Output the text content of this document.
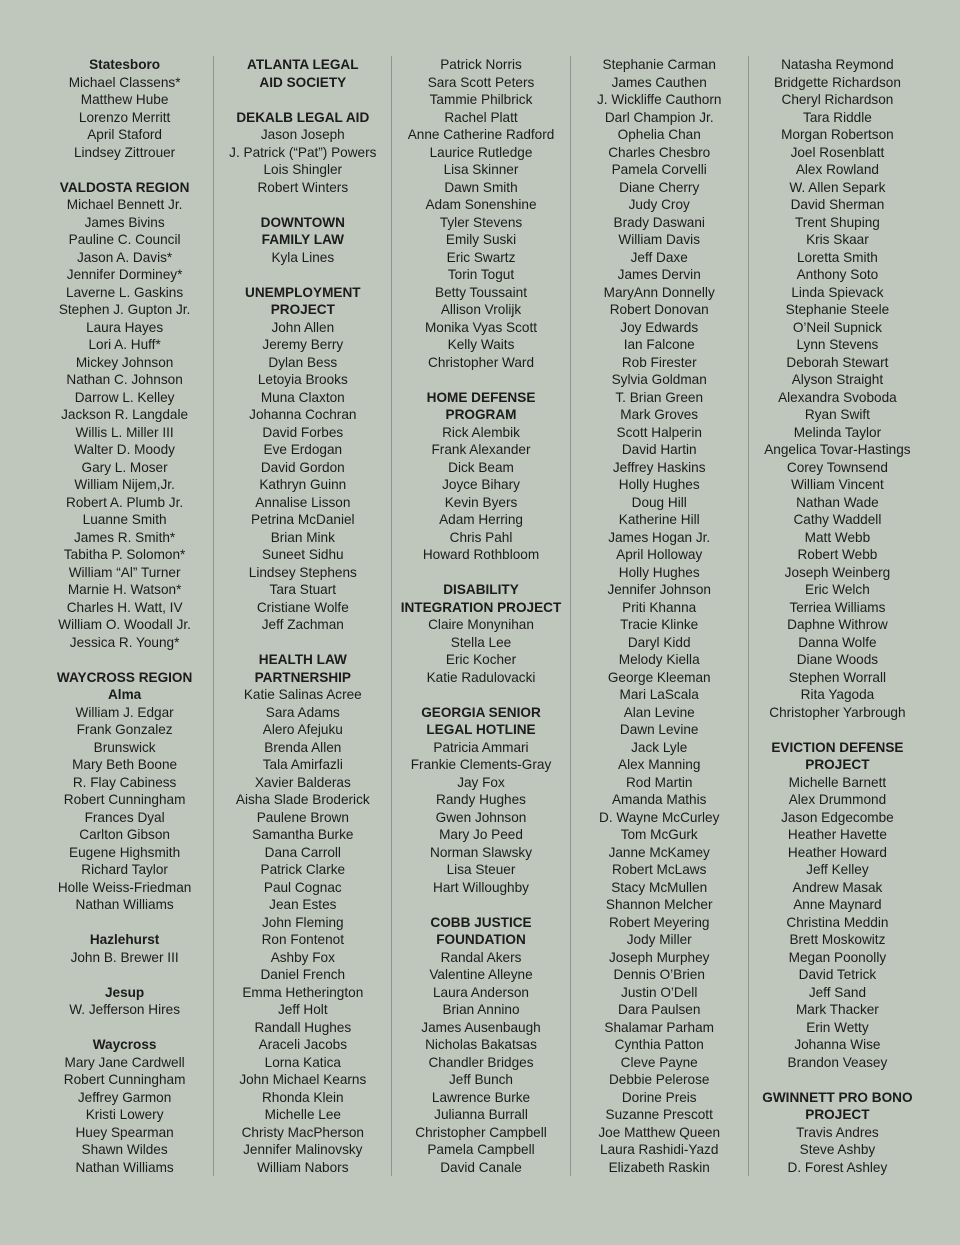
Statesboro
Michael Classens*
Matthew Hube
Lorenzo Merritt
April Staford
Lindsey Zittrouer
VALDOSTA REGION
Michael Bennett Jr.
James Bivins
Pauline C. Council
Jason A. Davis*
Jennifer Dorminey*
Laverne L. Gaskins
Stephen J. Gupton Jr.
Laura Hayes
Lori A. Huff*
Mickey Johnson
Nathan C. Johnson
Darrow L. Kelley
Jackson R. Langdale
Willis L. Miller III
Walter D. Moody
Gary L. Moser
William Nijem,Jr.
Robert A. Plumb Jr.
Luanne Smith
James R. Smith*
Tabitha P. Solomon*
William “Al” Turner
Marnie H. Watson*
Charles H. Watt, IV
William O. Woodall Jr.
Jessica R. Young*
WAYCROSS REGION
Alma
William J. Edgar
Frank Gonzalez
Brunswick
Mary Beth Boone
R. Flay Cabiness
Robert Cunningham
Frances Dyal
Carlton Gibson
Eugene Highsmith
Richard Taylor
Holle Weiss-Friedman
Nathan Williams
Hazlehurst
John B. Brewer III
Jesup
W. Jefferson Hires
Waycross
Mary Jane Cardwell
Robert Cunningham
Jeffrey Garmon
Kristi Lowery
Huey Spearman
Shawn Wildes
Nathan Williams
ATLANTA LEGAL
AID SOCIETY
DEKALB LEGAL AID
Jason Joseph
J. Patrick (“Pat”) Powers
Lois Shingler
Robert Winters
DOWNTOWN
FAMILY LAW
Kyla Lines
UNEMPLOYMENT
PROJECT
John Allen
Jeremy Berry
Dylan Bess
Letoyia Brooks
Muna Claxton
Johanna Cochran
David Forbes
Eve Erdogan
David Gordon
Kathryn Guinn
Annalise Lisson
Petrina McDaniel
Brian Mink
Suneet Sidhu
Lindsey Stephens
Tara Stuart
Cristiane Wolfe
Jeff Zachman
HEALTH LAW
PARTNERSHIP
Katie Salinas Acree
Sara Adams
Alero Afejuku
Brenda Allen
Tala Amirfazli
Xavier Balderas
Aisha Slade Broderick
Paulene Brown
Samantha Burke
Dana Carroll
Patrick Clarke
Paul Cognac
Jean Estes
John Fleming
Ron Fontenot
Ashby Fox
Daniel French
Emma Hetherington
Jeff Holt
Randall Hughes
Araceli Jacobs
Lorna Katica
John Michael Kearns
Rhonda Klein
Michelle Lee
Christy MacPherson
Jennifer Malinovsky
William Nabors
Patrick Norris
Sara Scott Peters
Tammie Philbrick
Rachel Platt
Anne Catherine Radford
Laurice Rutledge
Lisa Skinner
Dawn Smith
Adam Sonenshine
Tyler Stevens
Emily Suski
Eric Swartz
Torin Togut
Betty Toussaint
Allison Vrolijk
Monika Vyas Scott
Kelly Waits
Christopher Ward
HOME DEFENSE
PROGRAM
Rick Alembik
Frank Alexander
Dick Beam
Joyce Bihary
Kevin Byers
Adam Herring
Chris Pahl
Howard Rothbloom
DISABILITY
INTEGRATION PROJECT
Claire Monynihan
Stella Lee
Eric Kocher
Katie Radulovacki
GEORGIA SENIOR
LEGAL HOTLINE
Patricia Ammari
Frankie Clements-Gray
Jay Fox
Randy Hughes
Gwen Johnson
Mary Jo Peed
Norman Slawsky
Lisa Steuer
Hart Willoughby
COBB JUSTICE
FOUNDATION
Randal Akers
Valentine Alleyne
Laura Anderson
Brian Annino
James Ausenbaugh
Nicholas Bakatsas
Chandler Bridges
Jeff Bunch
Lawrence Burke
Julianna Burrall
Christopher Campbell
Pamela Campbell
David Canale
Stephanie Carman
James Cauthen
J. Wickliffe Cauthorn
Darl Champion Jr.
Ophelia Chan
Charles Chesbro
Pamela Corvelli
Diane Cherry
Judy Croy
Brady Daswani
William Davis
Jeff Daxe
James Dervin
MaryAnn Donnelly
Robert Donovan
Joy Edwards
Ian Falcone
Rob Firester
Sylvia Goldman
T. Brian Green
Mark Groves
Scott Halperin
David Hartin
Jeffrey Haskins
Holly Hughes
Doug Hill
Katherine Hill
James Hogan Jr.
April Holloway
Holly Hughes
Jennifer Johnson
Priti Khanna
Tracie Klinke
Daryl Kidd
Melody Kiella
George Kleeman
Mari LaScala
Alan Levine
Dawn Levine
Jack Lyle
Alex Manning
Rod Martin
Amanda Mathis
D. Wayne McCurley
Tom McGurk
Janne McKamey
Robert McLaws
Stacy McMullen
Shannon Melcher
Robert Meyering
Jody Miller
Joseph Murphey
Dennis O’Brien
Justin O’Dell
Dara Paulsen
Shalamar Parham
Cynthia Patton
Cleve Payne
Debbie Pelerose
Dorine Preis
Suzanne Prescott
Joe Matthew Queen
Laura Rashidi-Yazd
Elizabeth Raskin
Natasha Reymond
Bridgette Richardson
Cheryl Richardson
Tara Riddle
Morgan Robertson
Joel Rosenblatt
Alex Rowland
W. Allen Separk
David Sherman
Trent Shuping
Kris Skaar
Loretta Smith
Anthony Soto
Linda Spievack
Stephanie Steele
O’Neil Supnick
Lynn Stevens
Deborah Stewart
Alyson Straight
Alexandra Svoboda
Ryan Swift
Melinda Taylor
Angelica Tovar-Hastings
Corey Townsend
William Vincent
Nathan Wade
Cathy Waddell
Matt Webb
Robert Webb
Joseph Weinberg
Eric Welch
Terriea Williams
Daphne Withrow
Danna Wolfe
Diane Woods
Stephen Worrall
Rita Yagoda
Christopher Yarbrough
EVICTION DEFENSE
PROJECT
Michelle Barnett
Alex Drummond
Jason Edgecombe
Heather Havette
Heather Howard
Jeff Kelley
Andrew Masak
Anne Maynard
Christina Meddin
Brett Moskowitz
Megan Poonolly
David Tetrick
Jeff Sand
Mark Thacker
Erin Wetty
Johanna Wise
Brandon Veasey
GWINNETT PRO BONO
PROJECT
Travis Andres
Steve Ashby
D. Forest Ashley
